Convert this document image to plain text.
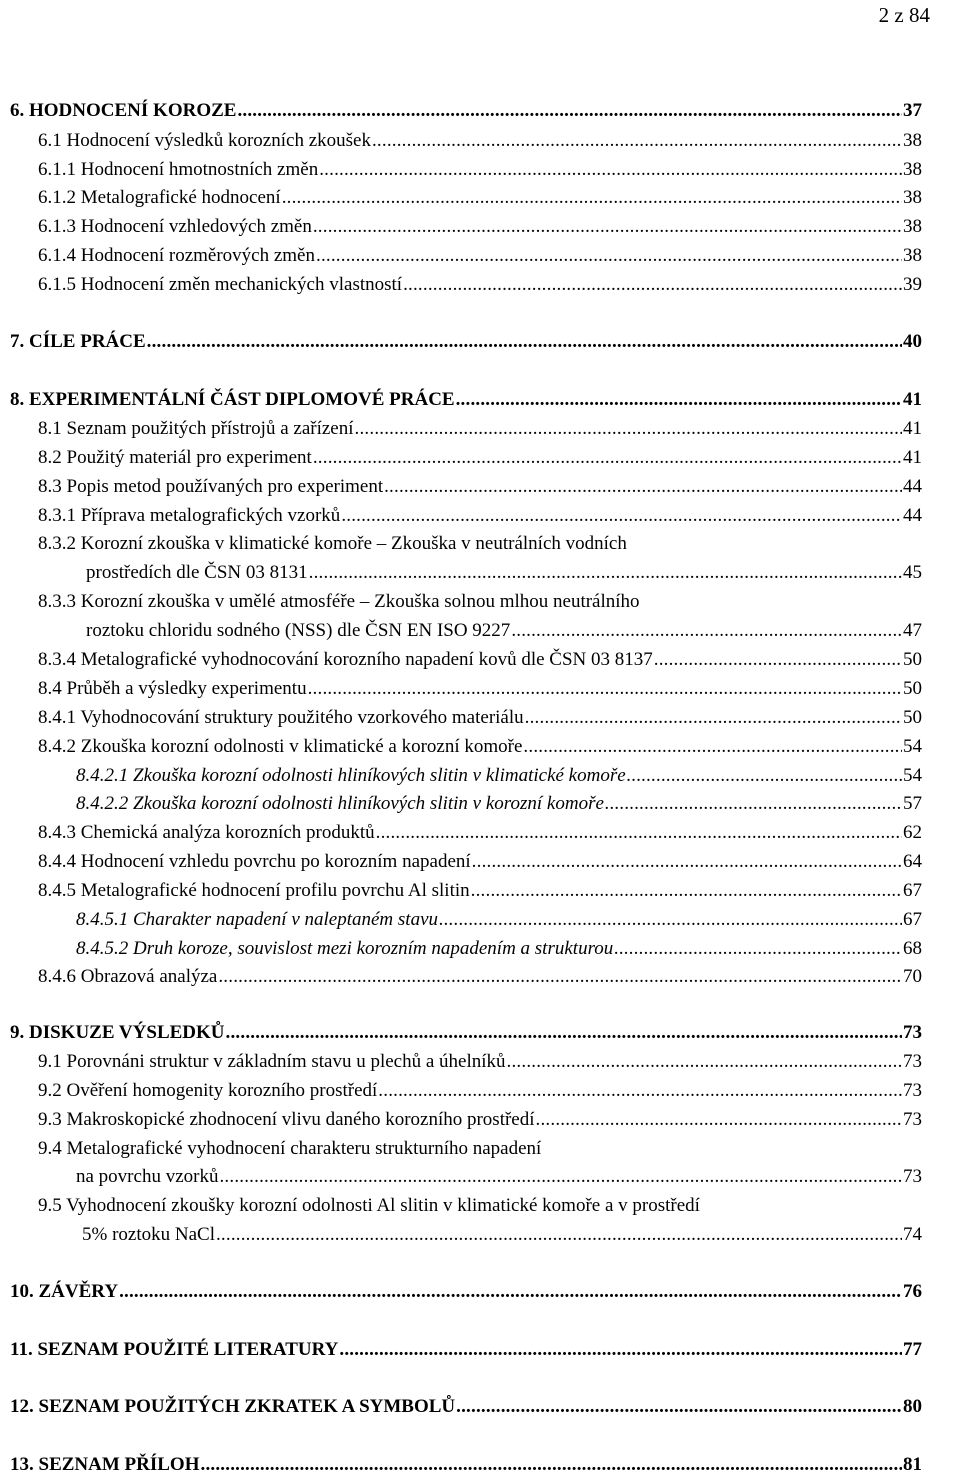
2 z 84
6. HODNOCENÍ KOROZE .....	37
6.1 Hodnocení výsledků korozních zkoušek .....	38
6.1.1 Hodnocení hmotnostních změn .....	38
6.1.2 Metalografické hodnocení .....	38
6.1.3 Hodnocení vzhledových změn .....	38
6.1.4 Hodnocení rozměrových změn .....	38
6.1.5 Hodnocení změn mechanických vlastností .....	39
7. CÍLE PRÁCE .....	40
8. EXPERIMENTÁLNÍ ČÁST DIPLOMOVÉ PRÁCE .....	41
8.1 Seznam použitých přístrojů a zařízení .....	41
8.2 Použitý materiál pro experiment .....	41
8.3 Popis metod používaných pro experiment .....	44
8.3.1 Příprava metalografických vzorků .....	44
8.3.2 Korozní zkouška v klimatické komoře – Zkouška v neutrálních vodních
prostředích dle ČSN 03 8131 .....	45
8.3.3 Korozní zkouška v umělé atmosféře – Zkouška solnou mlhou neutrálního
roztoku chloridu sodného (NSS) dle ČSN EN ISO 9227 .....	47
8.3.4 Metalografické vyhodnocování korozního napadení kovů dle ČSN 03 8137 .....	50
8.4 Průběh a výsledky experimentu .....	50
8.4.1 Vyhodnocování struktury použitého vzorkového materiálu .....	50
8.4.2 Zkouška korozní odolnosti v klimatické a korozní komoře .....	54
8.4.2.1 Zkouška korozní odolnosti hliníkových slitin v klimatické komoře .....	54
8.4.2.2 Zkouška korozní odolnosti hliníkových slitin v korozní komoře .....	57
8.4.3 Chemická analýza korozních produktů .....	62
8.4.4 Hodnocení vzhledu povrchu po korozním napadení .....	64
8.4.5 Metalografické hodnocení profilu povrchu Al slitin .....	67
8.4.5.1 Charakter napadení v naleptaném stavu .....	67
8.4.5.2 Druh koroze, souvislost mezi korozním napadením a strukturou .....	68
8.4.6 Obrazová analýza .....	70
9. DISKUZE VÝSLEDKŮ .....	73
9.1 Porovnáni struktur v základním stavu u plechů a úhelníků .....	73
9.2 Ověření homogenity korozního prostředí .....	73
9.3 Makroskopické zhodnocení vlivu daného korozního prostředí .....	73
9.4 Metalografické vyhodnocení charakteru strukturního napadení
na povrchu vzorků .....	73
9.5 Vyhodnocení zkoušky korozní odolnosti Al slitin v klimatické komoře a v prostředí
5% roztoku NaCl .....	74
10. ZÁVĚRY .....	76
11. SEZNAM POUŽITÉ LITERATURY .....	77
12. SEZNAM POUŽITÝCH ZKRATEK A SYMBOLŮ .....	80
13. SEZNAM PŘÍLOH .....	81
